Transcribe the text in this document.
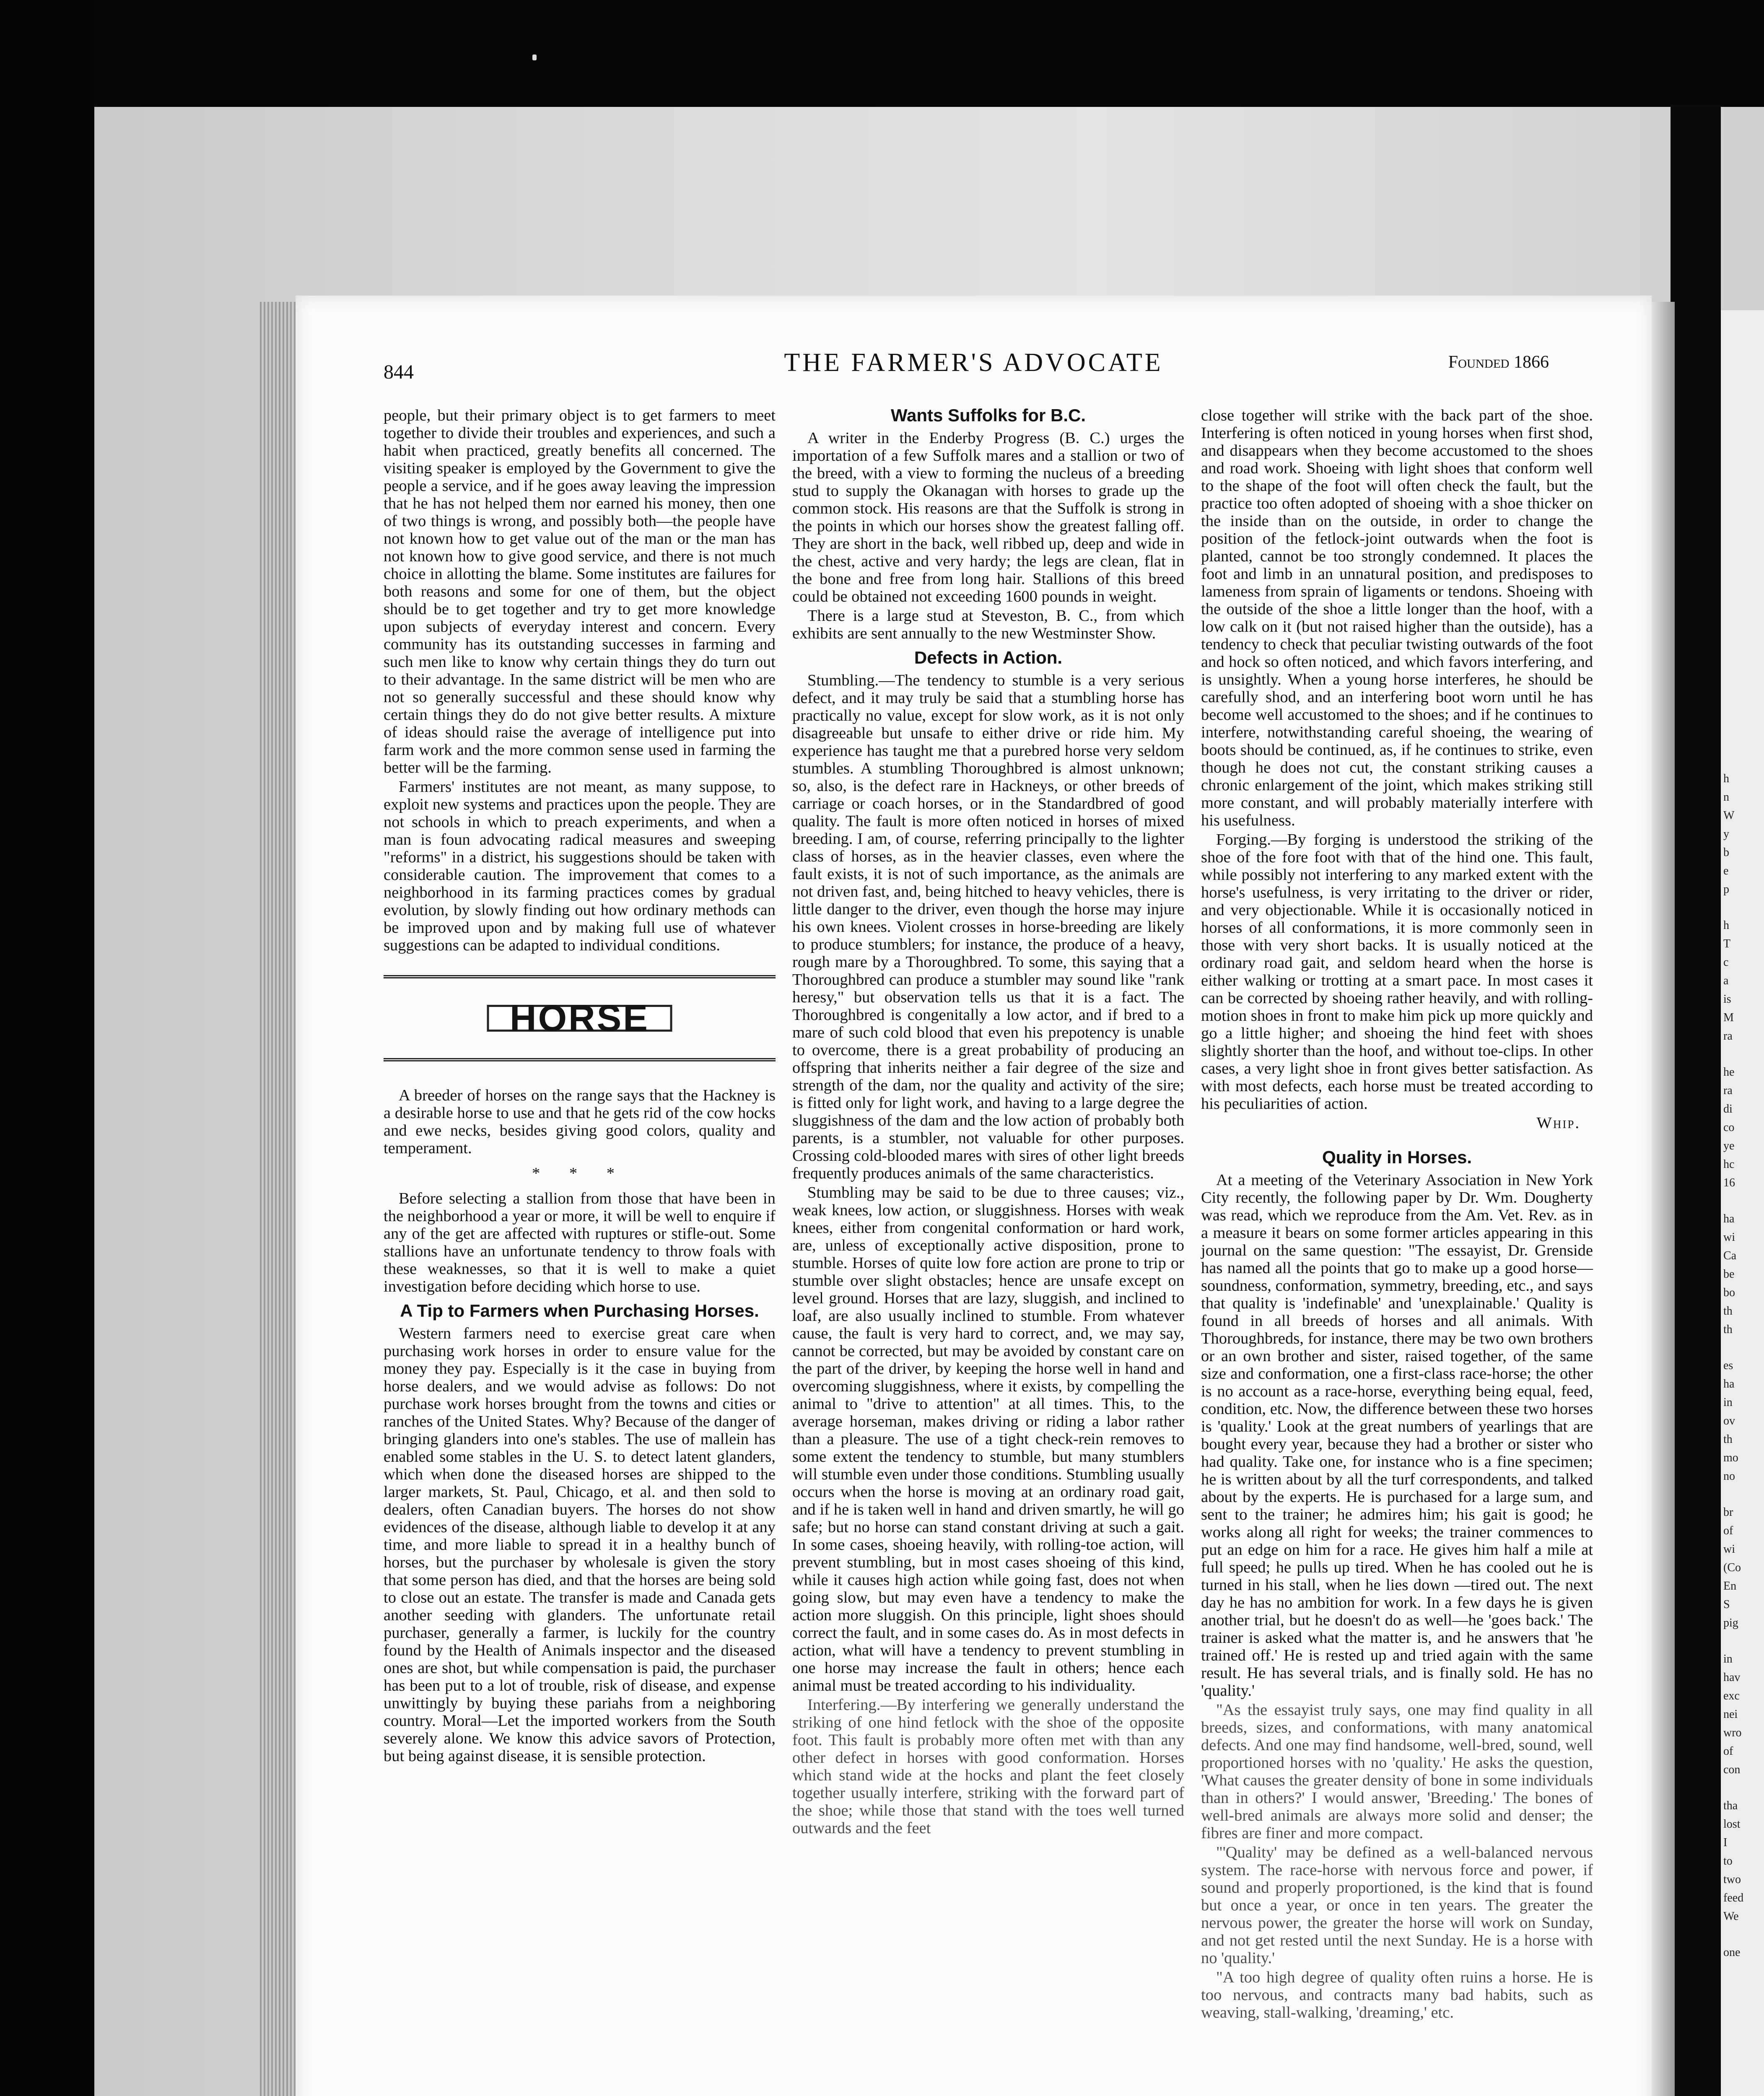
h
n
W
y
b
e
p
h
T
c
a
is
M
ra
he
ra
di
co
ye
hc
16
ha
wi
Ca
be
bo
th
th
es
ha
in
ov
th
mo
no
br
of
wi
(Co
En
S
pig
in
hav
exc
nei
wro
of
con
tha
lost
I
to
two
feed
We
one
844	THE FARMER'S ADVOCATE	Founded 1866

people, but their primary object is to get farmers to meet together to divide their troubles and experiences, and such a habit when practiced, greatly benefits all concerned. The visiting speaker is employed by the Government to give the people a service, and if he goes away leaving the impression that he has not helped them nor earned his money, then one of two things is wrong, and possibly both—the people have not known how to get value out of the man or the man has not known how to give good service, and there is not much choice in allotting the blame. Some institutes are failures for both reasons and some for one of them, but the object should be to get together and try to get more knowledge upon subjects of everyday interest and concern. Every community has its outstanding successes in farming and such men like to know why certain things they do turn out to their advantage. In the same district will be men who are not so generally successful and these should know why certain things they do do not give better results. A mixture of ideas should raise the average of intelligence put into farm work and the more common sense used in farming the better will be the farming.

Farmers' institutes are not meant, as many suppose, to exploit new systems and practices upon the people. They are not schools in which to preach experiments, and when a man is foun advocating radical measures and sweeping "reforms" in a district, his suggestions should be taken with considerable caution. The improvement that comes to a neighborhood in its farming practices comes by gradual evolution, by slowly finding out how ordinary methods can be improved upon and by making full use of whatever suggestions can be adapted to individual conditions.

HORSE

A breeder of horses on the range says that the Hackney is a desirable horse to use and that he gets rid of the cow hocks and ewe necks, besides giving good colors, quality and temperament.

* * *

Before selecting a stallion from those that have been in the neighborhood a year or more, it will be well to enquire if any of the get are affected with ruptures or stifle-out. Some stallions have an unfortunate tendency to throw foals with these weaknesses, so that it is well to make a quiet investigation before deciding which horse to use.

A Tip to Farmers when Purchasing Horses.

Western farmers need to exercise great care when purchasing work horses in order to ensure value for the money they pay. Especially is it the case in buying from horse dealers, and we would advise as follows: Do not purchase work horses brought from the towns and cities or ranches of the United States. Why? Because of the danger of bringing glanders into one's stables. The use of mallein has enabled some stables in the U. S. to detect latent glanders, which when done the diseased horses are shipped to the larger markets, St. Paul, Chicago, et al. and then sold to dealers, often Canadian buyers. The horses do not show evidences of the disease, although liable to develop it at any time, and more liable to spread it in a healthy bunch of horses, but the purchaser by wholesale is given the story that some person has died, and that the horses are being sold to close out an estate. The transfer is made and Canada gets another seeding with glanders. The unfortunate retail purchaser, generally a farmer, is luckily for the country found by the Health of Animals inspector and the diseased ones are shot, but while compensation is paid, the purchaser has been put to a lot of trouble, risk of disease, and expense unwittingly by buying these pariahs from a neighboring country. Moral—Let the imported workers from the South severely alone. We know this advice savors of Protection, but being against disease, it is sensible protection.

Wants Suffolks for B.C.

A writer in the Enderby Progress (B. C.) urges the importation of a few Suffolk mares and a stallion or two of the breed, with a view to forming the nucleus of a breeding stud to supply the Okanagan with horses to grade up the common stock. His reasons are that the Suffolk is strong in the points in which our horses show the greatest falling off. They are short in the back, well ribbed up, deep and wide in the chest, active and very hardy; the legs are clean, flat in the bone and free from long hair. Stallions of this breed could be obtained not exceeding 1600 pounds in weight.

There is a large stud at Steveston, B. C., from which exhibits are sent annually to the new Westminster Show.

Defects in Action.

Stumbling.—The tendency to stumble is a very serious defect, and it may truly be said that a stumbling horse has practically no value, except for slow work, as it is not only disagreeable but unsafe to either drive or ride him. My experience has taught me that a purebred horse very seldom stumbles. A stumbling Thoroughbred is almost unknown; so, also, is the defect rare in Hackneys, or other breeds of carriage or coach horses, or in the Standardbred of good quality. The fault is more often noticed in horses of mixed breeding. I am, of course, referring principally to the lighter class of horses, as in the heavier classes, even where the fault exists, it is not of such importance, as the animals are not driven fast, and, being hitched to heavy vehicles, there is little danger to the driver, even though the horse may injure his own knees. Violent crosses in horse-breeding are likely to produce stumblers; for instance, the produce of a heavy, rough mare by a Thoroughbred. To some, this saying that a Thoroughbred can produce a stumbler may sound like "rank heresy," but observation tells us that it is a fact. The Thoroughbred is congenitally a low actor, and if bred to a mare of such cold blood that even his prepotency is unable to overcome, there is a great probability of producing an offspring that inherits neither a fair degree of the size and strength of the dam, nor the quality and activity of the sire; is fitted only for light work, and having to a large degree the sluggishness of the dam and the low action of probably both parents, is a stumbler, not valuable for other purposes. Crossing cold-blooded mares with sires of other light breeds frequently produces animals of the same characteristics.

Stumbling may be said to be due to three causes; viz., weak knees, low action, or sluggishness. Horses with weak knees, either from congenital conformation or hard work, are, unless of exceptionally active disposition, prone to stumble. Horses of quite low fore action are prone to trip or stumble over slight obstacles; hence are unsafe except on level ground. Horses that are lazy, sluggish, and inclined to loaf, are also usually inclined to stumble. From whatever cause, the fault is very hard to correct, and, we may say, cannot be corrected, but may be avoided by constant care on the part of the driver, by keeping the horse well in hand and overcoming sluggishness, where it exists, by compelling the animal to "drive to attention" at all times. This, to the average horseman, makes driving or riding a labor rather than a pleasure. The use of a tight check-rein removes to some extent the tendency to stumble, but many stumblers will stumble even under those conditions. Stumbling usually occurs when the horse is moving at an ordinary road gait, and if he is taken well in hand and driven smartly, he will go safe; but no horse can stand constant driving at such a gait. In some cases, shoeing heavily, with rolling-toe action, will prevent stumbling, but in most cases shoeing of this kind, while it causes high action while going fast, does not when going slow, but may even have a tendency to make the action more sluggish. On this principle, light shoes should correct the fault, and in some cases do. As in most defects in action, what will have a tendency to prevent stumbling in one horse may increase the fault in others; hence each animal must be treated according to his individuality.

Interfering.—By interfering we generally understand the striking of one hind fetlock with the shoe of the opposite foot. This fault is probably more often met with than any other defect in horses with good conformation. Horses which stand wide at the hocks and plant the feet closely together usually interfere, striking with the forward part of the shoe; while those that stand with the toes well turned outwards and the feet

close together will strike with the back part of the shoe. Interfering is often noticed in young horses when first shod, and disappears when they become accustomed to the shoes and road work. Shoeing with light shoes that conform well to the shape of the foot will often check the fault, but the practice too often adopted of shoeing with a shoe thicker on the inside than on the outside, in order to change the position of the fetlock-joint outwards when the foot is planted, cannot be too strongly condemned. It places the foot and limb in an unnatural position, and predisposes to lameness from sprain of ligaments or tendons. Shoeing with the outside of the shoe a little longer than the hoof, with a low calk on it (but not raised higher than the outside), has a tendency to check that peculiar twisting outwards of the foot and hock so often noticed, and which favors interfering, and is unsightly. When a young horse interferes, he should be carefully shod, and an interfering boot worn until he has become well accustomed to the shoes; and if he continues to interfere, notwithstanding careful shoeing, the wearing of boots should be continued, as, if he continues to strike, even though he does not cut, the constant striking causes a chronic enlargement of the joint, which makes striking still more constant, and will probably materially interfere with his usefulness.

Forging.—By forging is understood the striking of the shoe of the fore foot with that of the hind one. This fault, while possibly not interfering to any marked extent with the horse's usefulness, is very irritating to the driver or rider, and very objectionable. While it is occasionally noticed in horses of all conformations, it is more commonly seen in those with very short backs. It is usually noticed at the ordinary road gait, and seldom heard when the horse is either walking or trotting at a smart pace. In most cases it can be corrected by shoeing rather heavily, and with rolling-motion shoes in front to make him pick up more quickly and go a little higher; and shoeing the hind feet with shoes slightly shorter than the hoof, and without toe-clips. In other cases, a very light shoe in front gives better satisfaction. As with most defects, each horse must be treated according to his peculiarities of action.

Whip.
Quality in Horses.

At a meeting of the Veterinary Association in New York City recently, the following paper by Dr. Wm. Dougherty was read, which we reproduce from the Am. Vet. Rev. as in a measure it bears on some former articles appearing in this journal on the same question: "The essayist, Dr. Grenside has named all the points that go to make up a good horse—soundness, conformation, symmetry, breeding, etc., and says that quality is 'indefinable' and 'unexplainable.' Quality is found in all breeds of horses and all animals. With Thoroughbreds, for instance, there may be two own brothers or an own brother and sister, raised together, of the same size and conformation, one a first-class race-horse; the other is no account as a race-horse, everything being equal, feed, condition, etc. Now, the difference between these two horses is 'quality.' Look at the great numbers of yearlings that are bought every year, because they had a brother or sister who had quality. Take one, for instance who is a fine specimen; he is written about by all the turf correspondents, and talked about by the experts. He is purchased for a large sum, and sent to the trainer; he admires him; his gait is good; he works along all right for weeks; the trainer commences to put an edge on him for a race. He gives him half a mile at full speed; he pulls up tired. When he has cooled out he is turned in his stall, when he lies down —tired out. The next day he has no ambition for work. In a few days he is given another trial, but he doesn't do as well—he 'goes back.' The trainer is asked what the matter is, and he answers that 'he trained off.' He is rested up and tried again with the same result. He has several trials, and is finally sold. He has no 'quality.'

"As the essayist truly says, one may find quality in all breeds, sizes, and conformations, with many anatomical defects. And one may find handsome, well-bred, sound, well proportioned horses with no 'quality.' He asks the question, 'What causes the greater density of bone in some individuals than in others?' I would answer, 'Breeding.' The bones of well-bred animals are always more solid and denser; the fibres are finer and more compact.

"'Quality' may be defined as a well-balanced nervous system. The race-horse with nervous force and power, if sound and properly proportioned, is the kind that is found but once a year, or once in ten years. The greater the nervous power, the greater the horse will work on Sunday, and not get rested until the next Sunday. He is a horse with no 'quality.'

"A too high degree of quality often ruins a horse. He is too nervous, and contracts many bad habits, such as weaving, stall-walking, 'dreaming,' etc.
